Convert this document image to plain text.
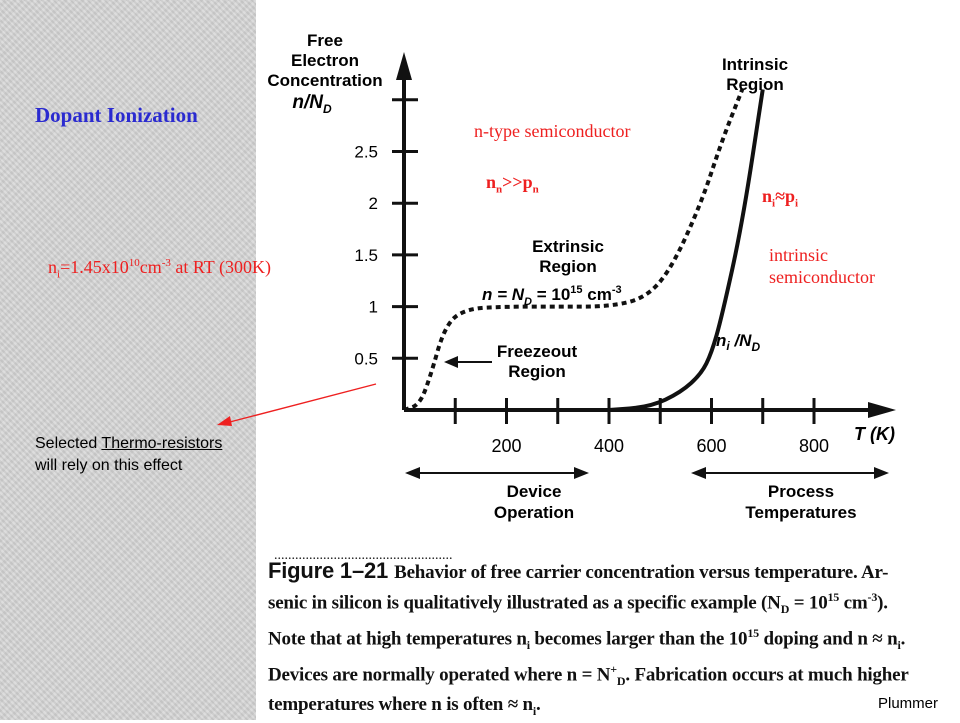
Dopant Ionization
$n_i=1.45x10^{10}cm^{-3}$ at RT (300K)
Selected Thermo-resistors
will rely on this effect
n-type semiconductor
$n_n>>p_n$	$n_i\approx p_i$
intrinsic
semiconductor
Free
Electron
Concentration
$n/N_D$
0.5
1
1.5
2
2.5
200	400	600	800
T (K)
Intrinsic
Region
Extrinsic
Region
$n = N_D = 10^{15}$ $cm^{-3}$
Freezeout
Region
$n_i$ $/N_D$
Device
Operation
Process
Temperatures
...................................................
Figure 1–21 Behavior of free carrier concentration versus temperature. Ar-
senic in silicon is qualitatively illustrated as a specific example ($N_D = 10^{15}$ $cm^{-3}$).
Note that at high temperatures $n_i$ becomes larger than the $10^{15}$ doping and $n \approx n_i$.
Devices are normally operated where $n = N^+_D$. Fabrication occurs at much higher
temperatures where n is often ≈ $n_i$.	Plummer
